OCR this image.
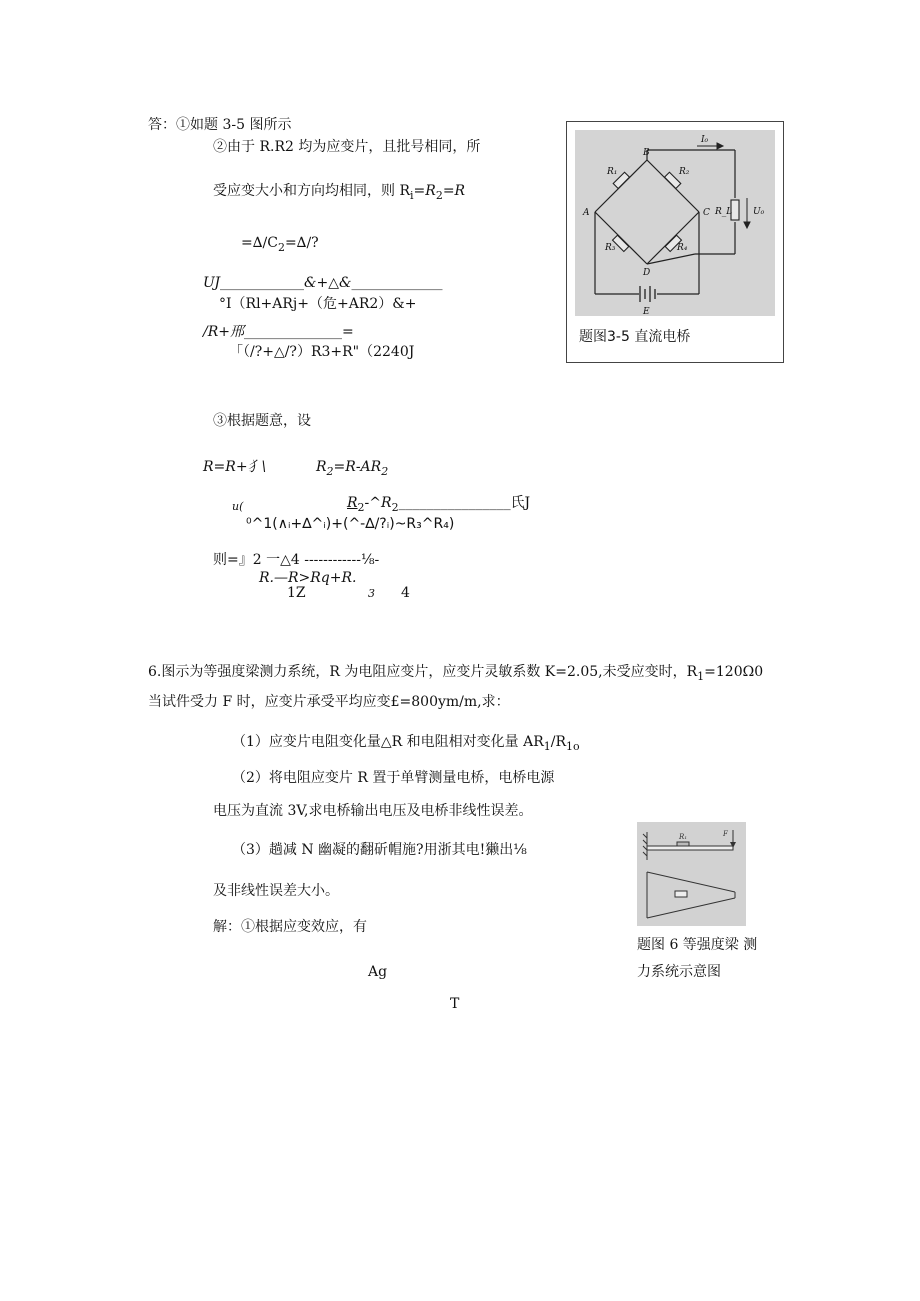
答：①如题 3-5 图所示
②由于 R.R2 均为应变片，且批号相同，所
受应变大小和方向均相同，则 $R_i=R_2=R$
$=\Delta∕C_2=\Delta∕$?
UJ____________&+△&_____________
°I（Rl+ARj+（危+AR2）&+
/R+邢______________=
「（/?+△/?）R3+R"（2240J
③根据题意，设
R=R+犭\	$R_2=R-AR_2$
u(	$R_2-\^{}R_2\_\_\_\_\_\_\_\_\_\_\_\_\_\_\_\_$氏J
⁰^1(∧ᵢ+∆^ᵢ)+(^-∆/?ᵢ)~R₃^R₄)
则=』2 一△4 ------------⅛-
R.—R>Rq+R.
1Z	3 4
A
B
C
D
E
R₁	R₂
R₃	R₄
R_L
I₀
U₀
题图3-5 直流电桥
6.图示为等强度梁测力系统，R 为电阻应变片，应变片灵敏系数 K=2.05,未受应变时，$R_1=120\Omega 0$
当试件受力 F 时，应变片承受平均应变£=800ym/m,求：
（1）应变片电阻变化量△R 和电阻相对变化量 $AR_1/R_{1o}$
（2）将电阻应变片 R 置于单臂测量电桥，电桥电源
电压为直流 3V,求电桥输出电压及电桥非线性误差。
（3）趟减 N 幽凝的翻斫帽施?用浙其电!獭出⅛
及非线性误差大小。
解：①根据应变效应，有
Ag
T
R₁	F
题图 6 等强度梁 测
力系统示意图
